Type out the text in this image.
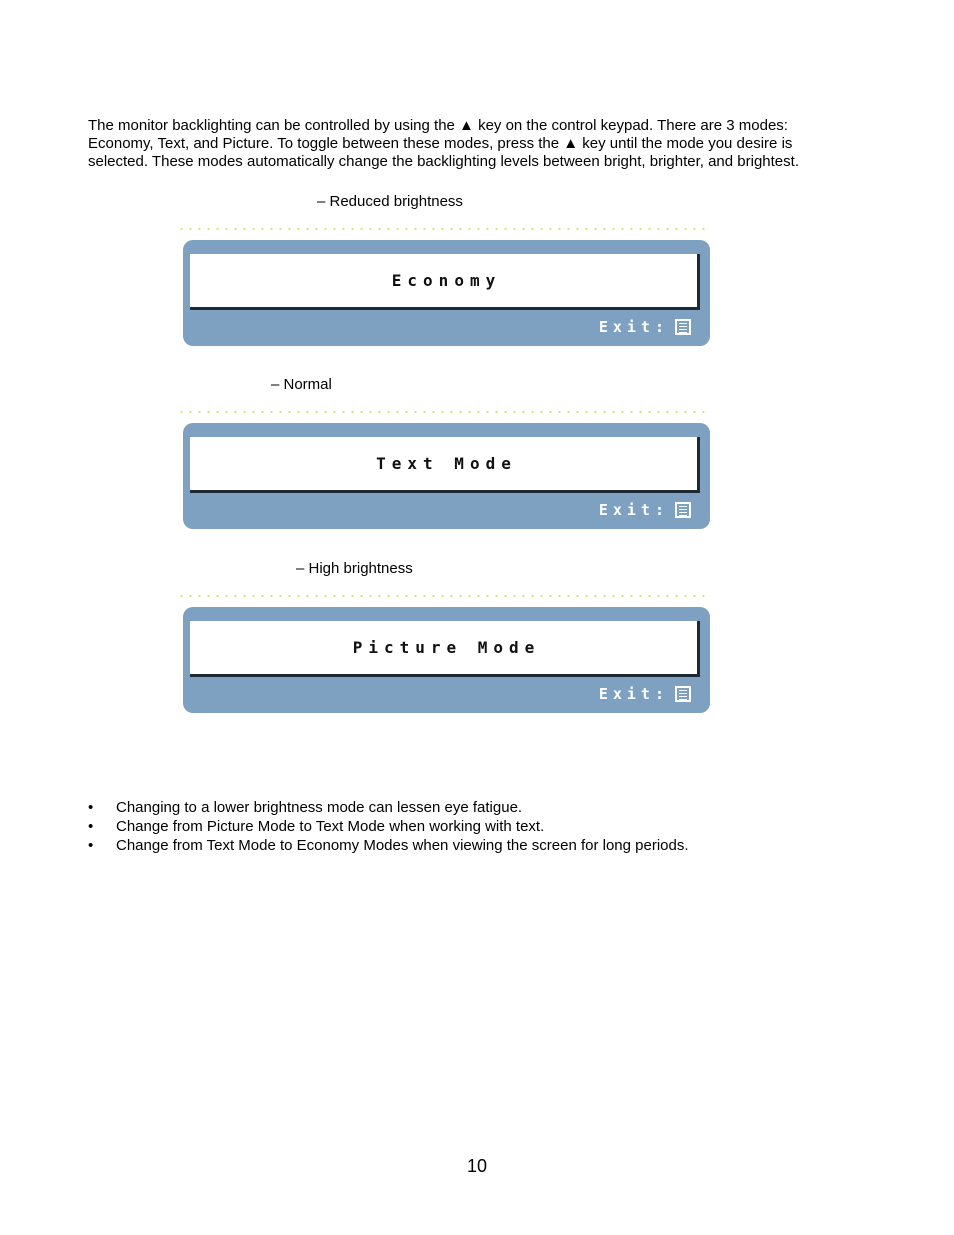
The monitor backlighting can be controlled by using the ▲ key on the control keypad. There are 3 modes: Economy, Text, and Picture. To toggle between these modes, press the ▲ key until the mode you desire is selected. These modes automatically change the backlighting levels between bright, brighter, and brightest.

– Reduced brightness
Economy
Exit:
– Normal
Text Mode
Exit:
– High brightness
Picture Mode
Exit:
• Changing to a lower brightness mode can lessen eye fatigue.
• Change from Picture Mode to Text Mode when working with text.
• Change from Text Mode to Economy Modes when viewing the screen for long periods.
10
